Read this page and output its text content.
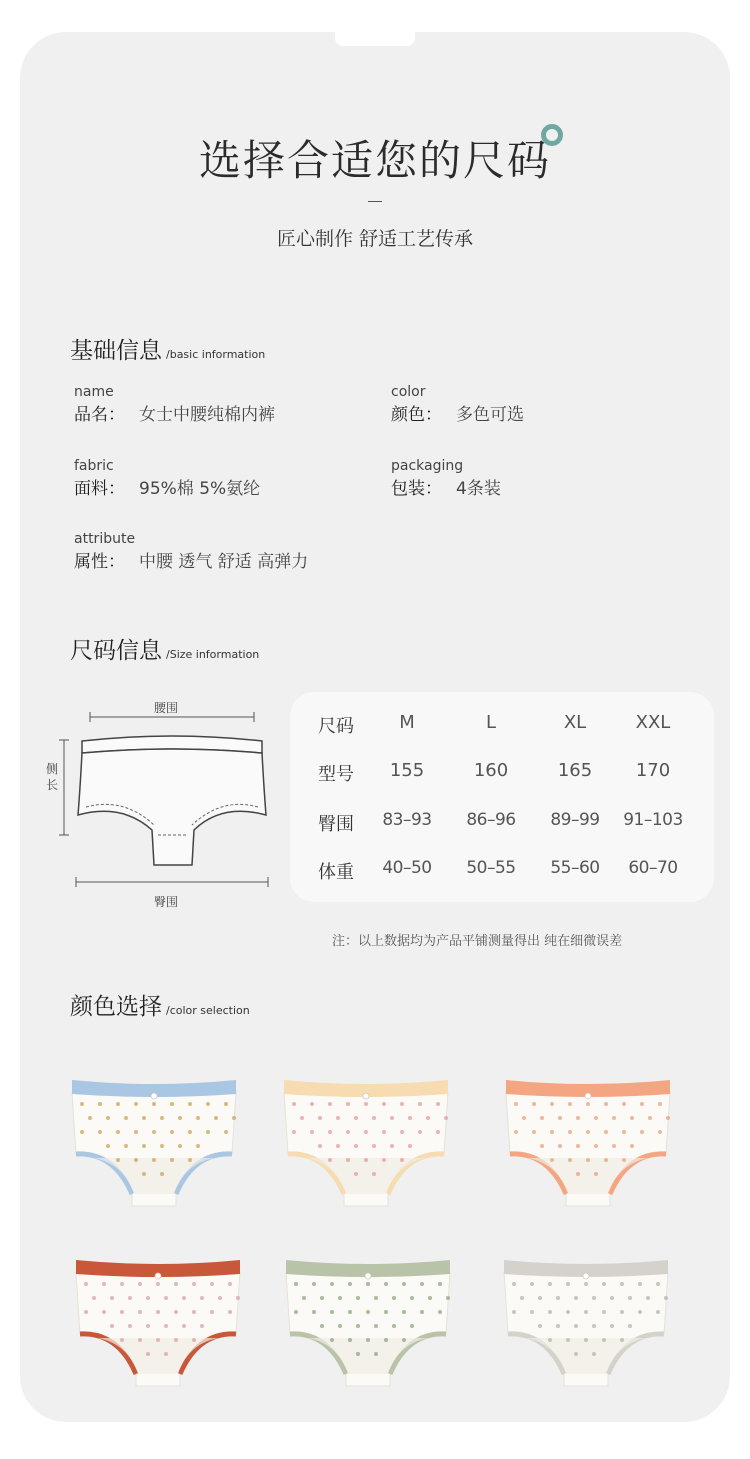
选择合适您的尺码
匠心制作 舒适工艺传承
基础信息 /basic information
name
品名： 女士中腰纯棉内裤
color
颜色： 多色可选
fabric
面料： 95%棉 5%氨纶
packaging
包装： 4条装
attribute
属性： 中腰 透气 舒适 高弹力
尺码信息 /Size information
腰围
侧长
臀围
尺码	M	L	XL	XXL
型号	155	160	165	170
臀围	83–93	86–96	89–99	91–103
体重	40–50	50–55	55–60	60–70
注：以上数据均为产品平铺测量得出 纯在细微误差
颜色选择 /color selection
